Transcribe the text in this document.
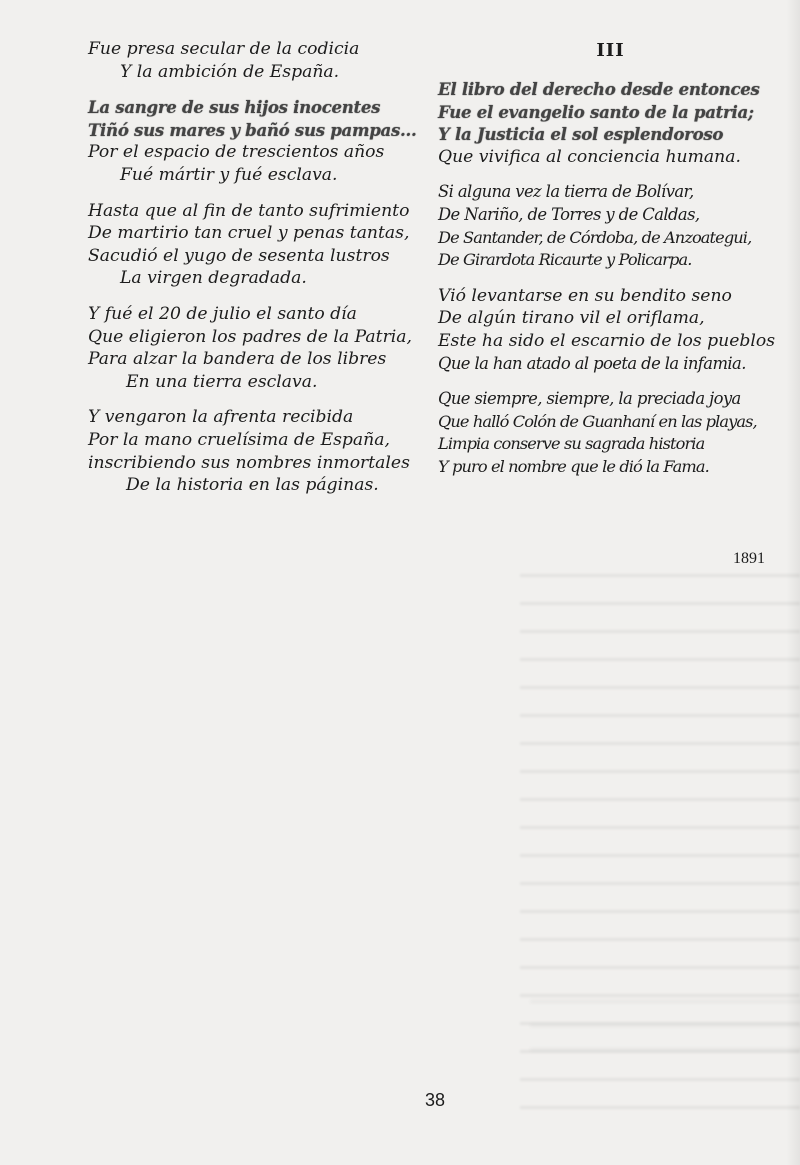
Fue presa secular de la codicia
Y la ambición de España.
La sangre de sus hijos inocentes
Tiñó sus mares y bañó sus pampas...
Por el espacio de trescientos años
Fué mártir y fué esclava.
Hasta que al fin de tanto sufrimiento
De martirio tan cruel y penas tantas,
Sacudió el yugo de sesenta lustros
La virgen degradada.
Y fué el 20 de julio el santo día
Que eligieron los padres de la Patria,
Para alzar la bandera de los libres
En una tierra esclava.
Y vengaron la afrenta recibida
Por la mano cruelísima de España,
inscribiendo sus nombres inmortales
De la historia en las páginas.
III
El libro del derecho desde entonces
Fue el evangelio santo de la patria;
Y la Justicia el sol esplendoroso
Que vivifica al conciencia humana.
Si alguna vez la tierra de Bolívar,
De Nariño, de Torres y de Caldas,
De Santander, de Córdoba, de Anzoategui,
De Girardota Ricaurte y Policarpa.
Vió levantarse en su bendito seno
De algún tirano vil el oriflama,
Este ha sido el escarnio de los pueblos
Que la han atado al poeta de la infamia.
Que siempre, siempre, la preciada joya
Que halló Colón de Guanhaní en las playas,
Limpia conserve su sagrada historia
Y puro el nombre que le dió la Fama.
1891
38
